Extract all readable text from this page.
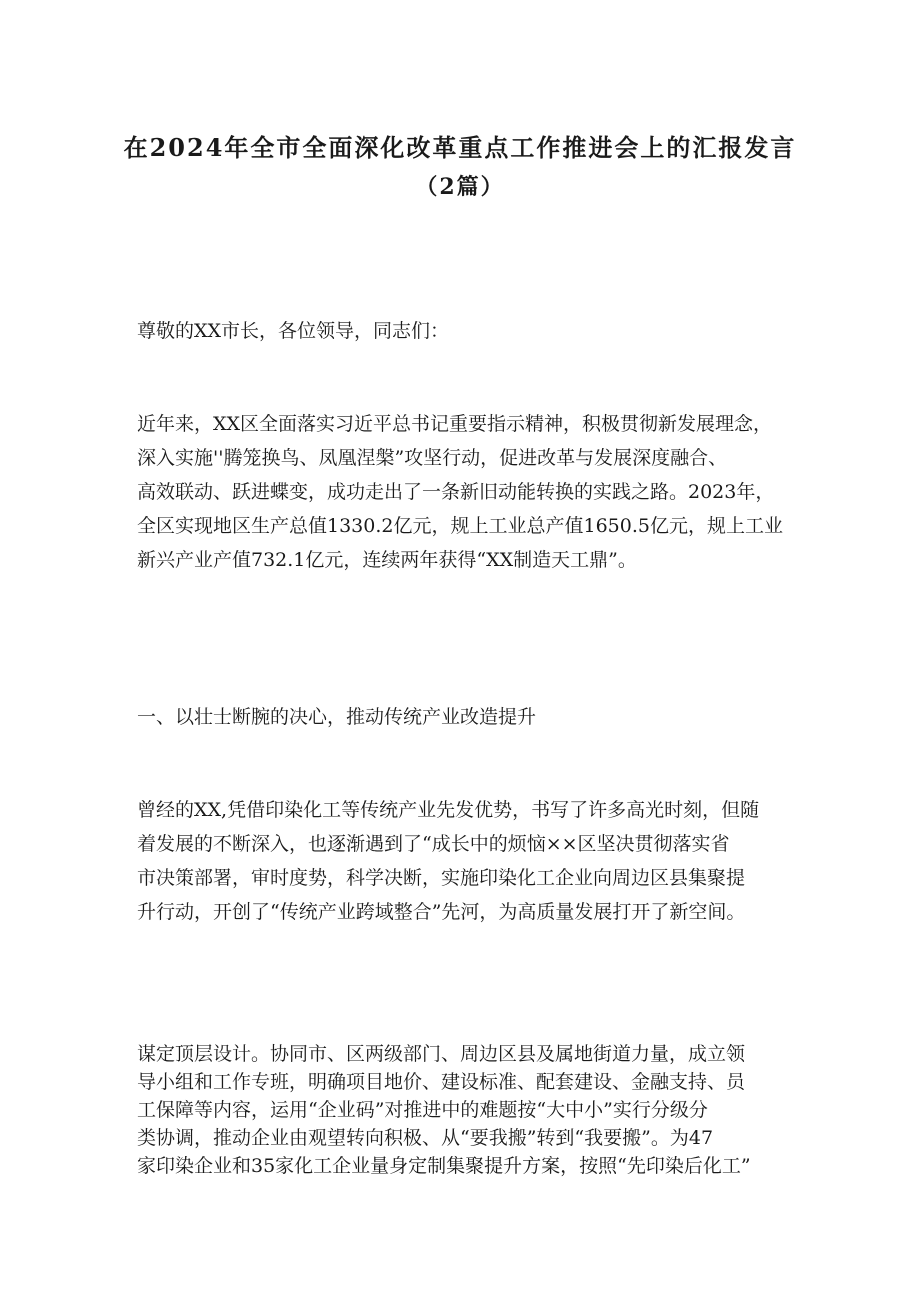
在2024年全市全面深化改革重点工作推进会上的汇报发言
（2篇）

尊敬的XX市长，各位领导，同志们：

近年来，XX区全面落实习近平总书记重要指示精神，积极贯彻新发展理念，
深入实施''腾笼换鸟、凤凰涅槃”攻坚行动，促进改革与发展深度融合、
高效联动、跃进蝶变，成功走出了一条新旧动能转换的实践之路。2023年，
全区实现地区生产总值1330.2亿元，规上工业总产值1650.5亿元，规上工业
新兴产业产值732.1亿元，连续两年获得“XX制造天工鼎”。

一、以壮士断腕的决心，推动传统产业改造提升

曾经的XX,凭借印染化工等传统产业先发优势，书写了许多高光时刻，但随
着发展的不断深入，也逐渐遇到了“成长中的烦恼××区坚决贯彻落实省
市决策部署，审时度势，科学决断，实施印染化工企业向周边区县集聚提
升行动，开创了“传统产业跨域整合”先河，为高质量发展打开了新空间。

谋定顶层设计。协同市、区两级部门、周边区县及属地街道力量，成立领
导小组和工作专班，明确项目地价、建设标准、配套建设、金融支持、员
工保障等内容，运用“企业码”对推进中的难题按“大中小”实行分级分
类协调，推动企业由观望转向积极、从“要我搬”转到“我要搬”。为47
家印染企业和35家化工企业量身定制集聚提升方案，按照“先印染后化工”
